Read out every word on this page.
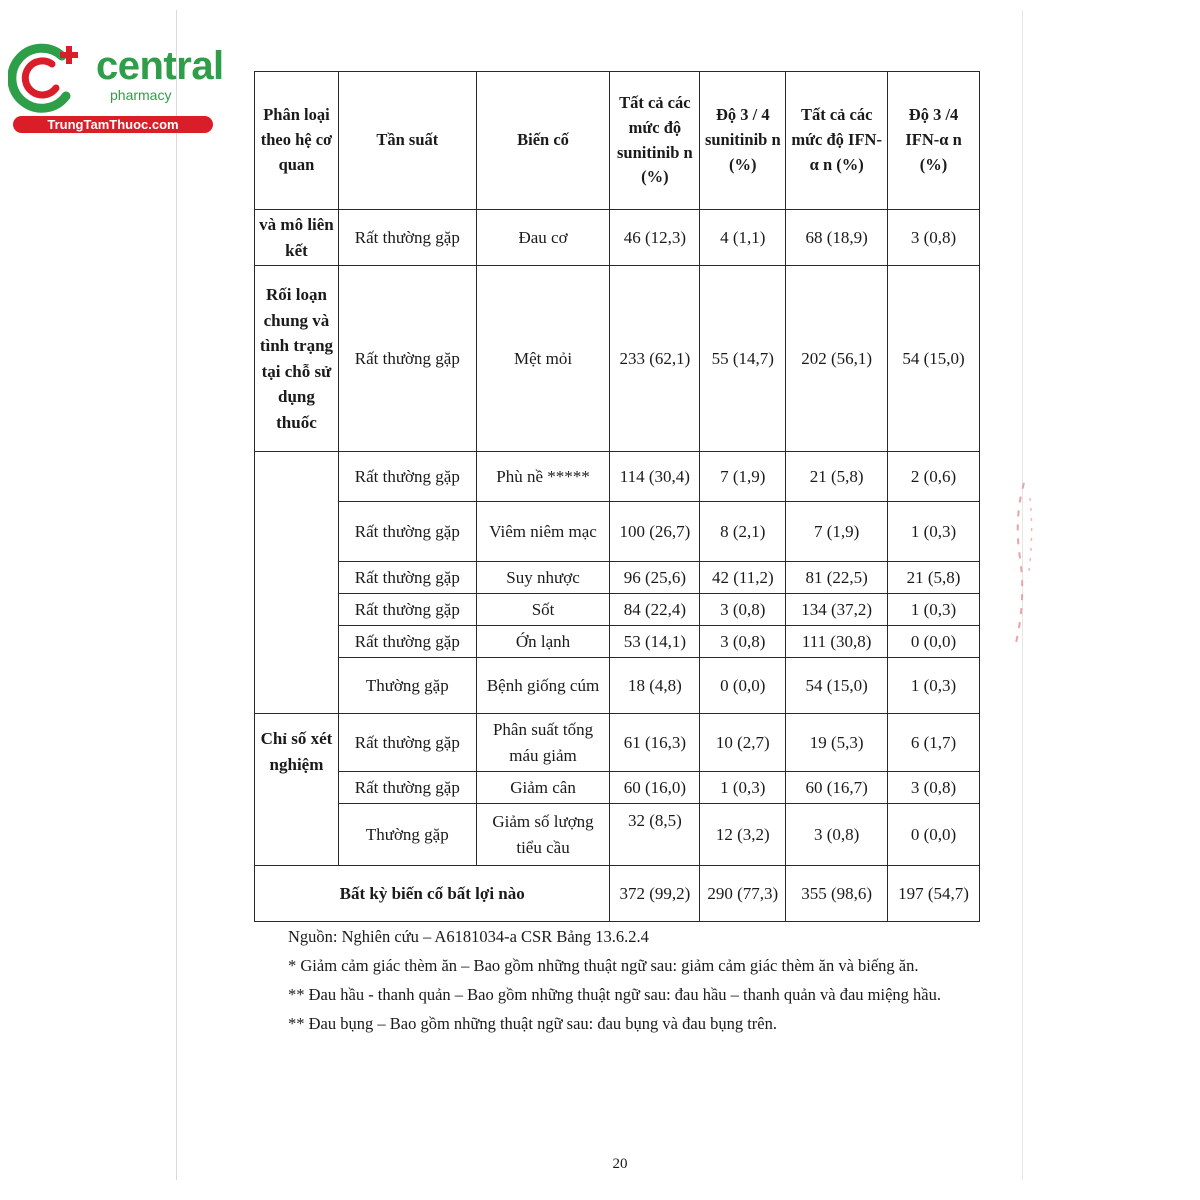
central
pharmacy
TrungTamThuoc.com
Phân loại theo hệ cơ quan	Tần suất	Biến cố	Tất cả các mức độ sunitinib n (%)	Độ 3 / 4 sunitinib n (%)	Tất cả các mức độ IFN-α n (%)	Độ 3 /4 IFN-α n (%)
và mô liên kết	Rất thường gặp	Đau cơ	46 (12,3)	4 (1,1)	68 (18,9)	3 (0,8)
Rối loạn chung và tình trạng tại chỗ sử dụng thuốc	Rất thường gặp	Mệt mỏi	233 (62,1)	55 (14,7)	202 (56,1)	54 (15,0)
	Rất thường gặp	Phù nề *****	114 (30,4)	7 (1,9)	21 (5,8)	2 (0,6)
	Rất thường gặp	Viêm niêm mạc	100 (26,7)	8 (2,1)	7 (1,9)	1 (0,3)
	Rất thường gặp	Suy nhược	96 (25,6)	42 (11,2)	81 (22,5)	21 (5,8)
	Rất thường gặp	Sốt	84 (22,4)	3 (0,8)	134 (37,2)	1 (0,3)
	Rất thường gặp	Ớn lạnh	53 (14,1)	3 (0,8)	111 (30,8)	0 (0,0)
	Thường gặp	Bệnh giống cúm	18 (4,8)	0 (0,0)	54 (15,0)	1 (0,3)
Chỉ số xét nghiệm	Rất thường gặp	Phân suất tống máu giảm	61 (16,3)	10 (2,7)	19 (5,3)	6 (1,7)
	Rất thường gặp	Giảm cân	60 (16,0)	1 (0,3)	60 (16,7)	3 (0,8)
	Thường gặp	Giảm số lượng tiểu cầu	32 (8,5)	12 (3,2)	3 (0,8)	0 (0,0)
Bất kỳ biến cố bất lợi nào			372 (99,2)	290 (77,3)	355 (98,6)	197 (54,7)

Nguồn: Nghiên cứu – A6181034-a CSR Bảng 13.6.2.4

* Giảm cảm giác thèm ăn – Bao gồm những thuật ngữ sau: giảm cảm giác thèm ăn và biếng ăn.

** Đau hầu - thanh quản – Bao gồm những thuật ngữ sau: đau hầu – thanh quản và đau miệng hầu.

** Đau bụng – Bao gồm những thuật ngữ sau: đau bụng và đau bụng trên.

20
